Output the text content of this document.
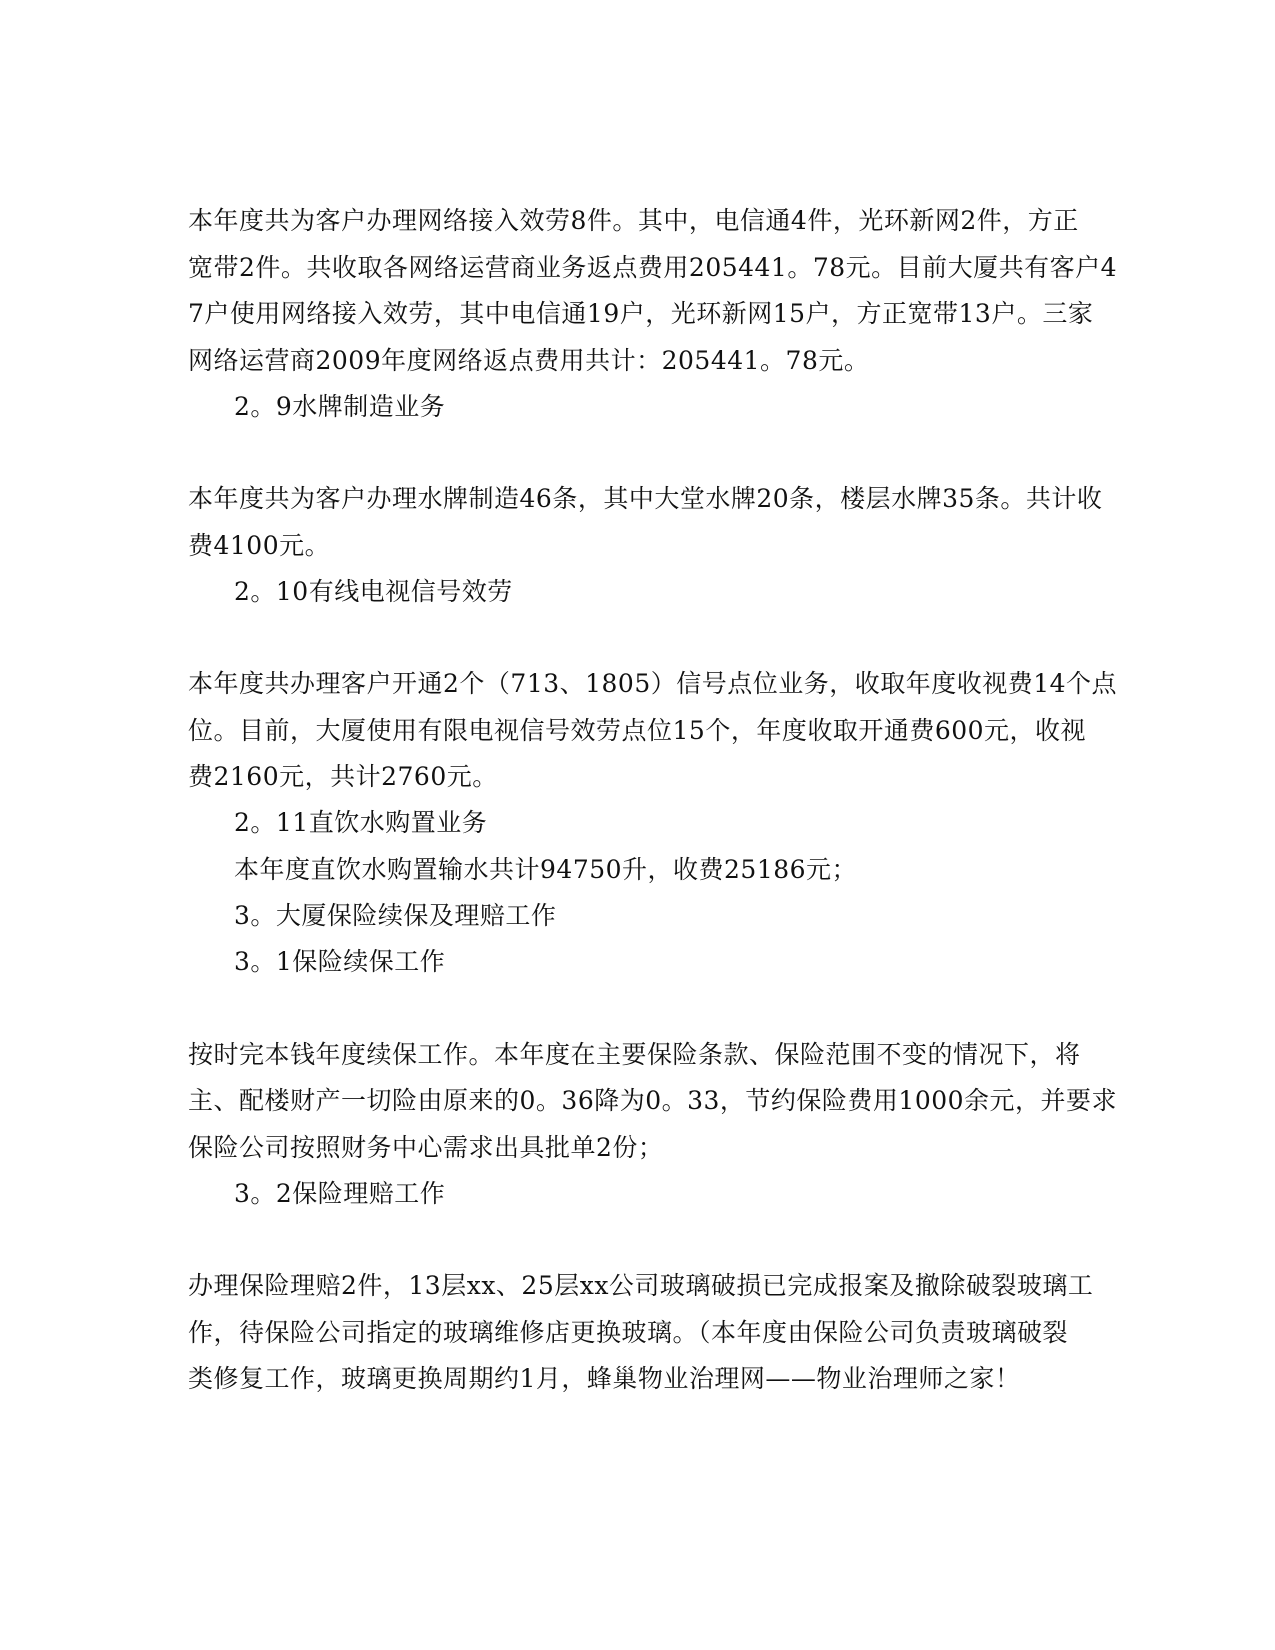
本年度共为客户办理网络接入效劳8件。其中，电信通4件，光环新网2件，方正
宽带2件。共收取各网络运营商业务返点费用205441。78元。目前大厦共有客户4
7户使用网络接入效劳，其中电信通19户，光环新网15户，方正宽带13户。三家
网络运营商2009年度网络返点费用共计：205441。78元。
2。9水牌制造业务
本年度共为客户办理水牌制造46条，其中大堂水牌20条，楼层水牌35条。共计收
费4100元。
2。10有线电视信号效劳
本年度共办理客户开通2个（713、1805）信号点位业务，收取年度收视费14个点
位。目前，大厦使用有限电视信号效劳点位15个，年度收取开通费600元，收视
费2160元，共计2760元。
2。11直饮水购置业务
本年度直饮水购置输水共计94750升，收费25186元；
3。大厦保险续保及理赔工作
3。1保险续保工作
按时完本钱年度续保工作。本年度在主要保险条款、保险范围不变的情况下，将
主、配楼财产一切险由原来的0。36降为0。33，节约保险费用1000余元，并要求
保险公司按照财务中心需求出具批单2份；
3。2保险理赔工作
办理保险理赔2件，13层xx、25层xx公司玻璃破损已完成报案及撤除破裂玻璃工
作，待保险公司指定的玻璃维修店更换玻璃。（本年度由保险公司负责玻璃破裂
类修复工作，玻璃更换周期约1月，蜂巢物业治理网——物业治理师之家！
